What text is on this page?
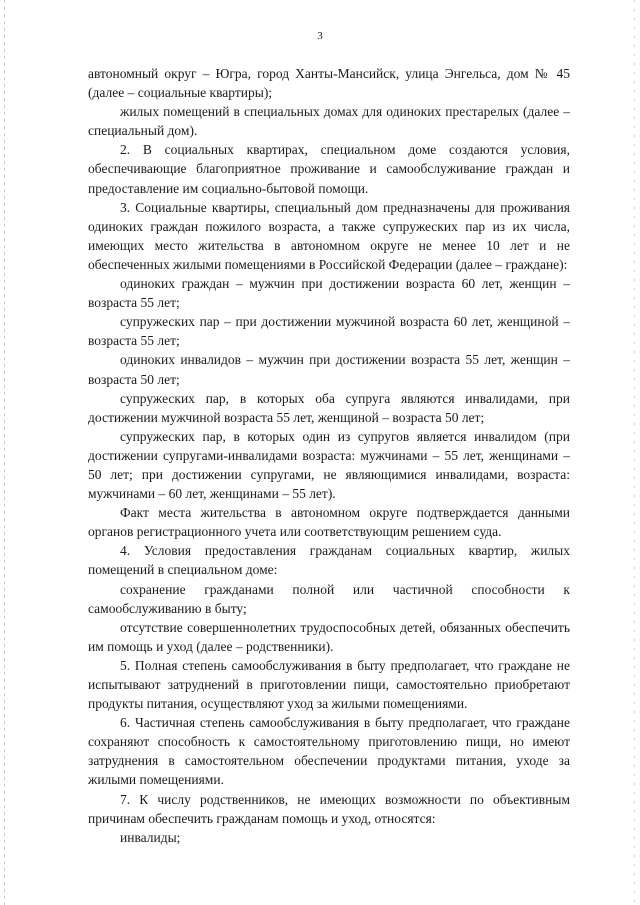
3

автономный округ – Югра, город Ханты-Мансийск, улица Энгельса, дом № 45 (далее – социальные квартиры);

жилых помещений в специальных домах для одиноких престарелых (далее – специальный дом).

2. В социальных квартирах, специальном доме создаются условия, обеспечивающие благоприятное проживание и самообслуживание граждан и предоставление им социально-бытовой помощи.

3. Социальные квартиры, специальный дом предназначены для проживания одиноких граждан пожилого возраста, а также супружеских пар из их числа, имеющих место жительства в автономном округе не менее 10 лет и не обеспеченных жилыми помещениями в Российской Федерации (далее – граждане):

одиноких граждан – мужчин при достижении возраста 60 лет, женщин – возраста 55 лет;

супружеских пар – при достижении мужчиной возраста 60 лет, женщиной – возраста 55 лет;

одиноких инвалидов – мужчин при достижении возраста 55 лет, женщин – возраста 50 лет;

супружеских пар, в которых оба супруга являются инвалидами, при достижении мужчиной возраста 55 лет, женщиной – возраста 50 лет;

супружеских пар, в которых один из супругов является инвалидом (при достижении супругами-инвалидами возраста: мужчинами – 55 лет, женщинами – 50 лет; при достижении супругами, не являющимися инвалидами, возраста: мужчинами – 60 лет, женщинами – 55 лет).

Факт места жительства в автономном округе подтверждается данными органов регистрационного учета или соответствующим решением суда.

4. Условия предоставления гражданам социальных квартир, жилых помещений в специальном доме:

сохранение гражданами полной или частичной способности к самообслуживанию в быту;

отсутствие совершеннолетних трудоспособных детей, обязанных обеспечить им помощь и уход (далее – родственники).

5. Полная степень самообслуживания в быту предполагает, что граждане не испытывают затруднений в приготовлении пищи, самостоятельно приобретают продукты питания, осуществляют уход за жилыми помещениями.

6. Частичная степень самообслуживания в быту предполагает, что граждане сохраняют способность к самостоятельному приготовлению пищи, но имеют затруднения в самостоятельном обеспечении продуктами питания, уходе за жилыми помещениями.

7. К числу родственников, не имеющих возможности по объективным причинам обеспечить гражданам помощь и уход, относятся:

инвалиды;
